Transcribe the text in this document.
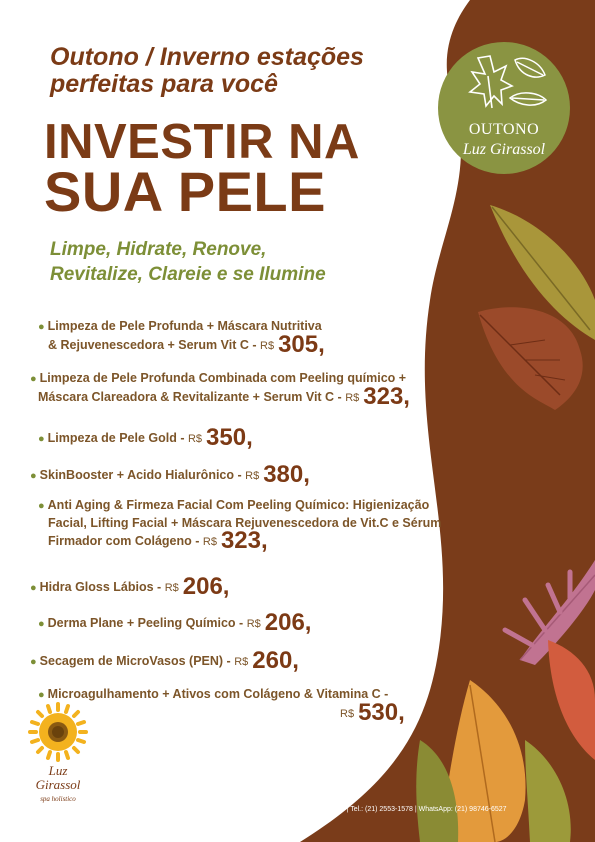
Outono / Inverno estações
perfeitas para você
INVESTIR NA
SUA PELE
Limpe, Hidrate, Renove,
Revitalize, Clareie e se Ilumine
OUTONO
Luz Girassol
● Limpeza de Pele Profunda + Máscara Nutritiva
& Rejuvenescedora + Serum Vit C - R$ 305,
● Limpeza de Pele Profunda Combinada com Peeling químico +
Máscara Clareadora & Revitalizante + Serum Vit C - R$ 323,
● Limpeza de Pele Gold - R$ 350,
● SkinBooster + Acido Hialurônico - R$ 380,
● Anti Aging & Firmeza Facial Com Peeling Químico: Higienização
Facial, Lifting Facial + Máscara Rejuvenescedora de Vit.C e Sérum
Firmador com Colágeno - R$ 323,
● Hidra Gloss Lábios - R$ 206,
● Derma Plane + Peeling Químico - R$ 206,
● Secagem de MicroVasos (PEN) - R$ 260,
● Microagulhamento + Ativos com Colágeno & Vitamina C -
R$ 530,
Luz
Girassol
spa holistico
Rua Paissandu, 272 | Flamengo - RJ | Tel.: (21) 2553-1578 | WhatsApp: (21) 98746-6527
